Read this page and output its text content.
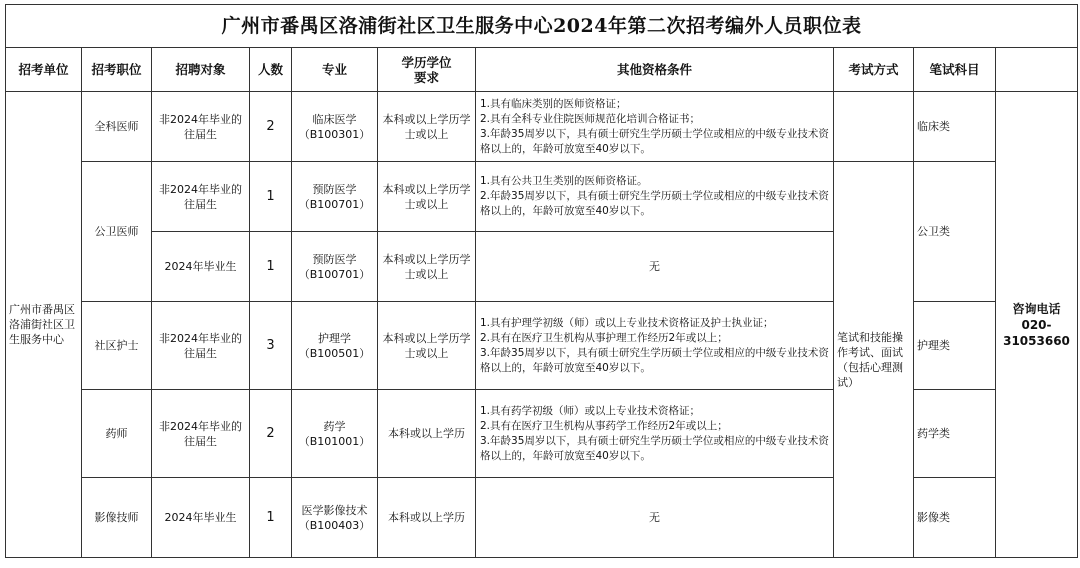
广州市番禺区洛浦街社区卫生服务中心2024年第二次招考编外人员职位表									
招考单位	招考职位	招聘对象	人数	专业	学历学位
要求	其他资格条件	考试方式	笔试科目	
广州市番禺区洛浦街社区卫生服务中心	全科医师	非2024年毕业的往届生	2	临床医学
（B100301）	本科或以上学历学士或以上	1.具有临床类别的医师资格证；
2.具有全科专业住院医师规范化培训合格证书；
3.年龄35周岁以下，具有硕士研究生学历硕士学位或相应的中级专业技术资格以上的，年龄可放宽至40岁以下。		临床类	咨询电话
020-
31053660

	公卫医师	非2024年毕业的往届生	1	预防医学
（B100701）	本科或以上学历学士或以上	1.具有公共卫生类别的医师资格证。
2.年龄35周岁以下，具有硕士研究生学历硕士学位或相应的中级专业技术资格以上的，年龄可放宽至40岁以下。	笔试和技能操作考试、面试（包括心理测试）	公卫类	
		2024年毕业生	1	预防医学
（B100701）	本科或以上学历学士或以上	无			
	社区护士	非2024年毕业的往届生	3	护理学
（B100501）	本科或以上学历学士或以上	1.具有护理学初级（师）或以上专业技术资格证及护士执业证；
2.具有在医疗卫生机构从事护理工作经历2年或以上；
3.年龄35周岁以下，具有硕士研究生学历硕士学位或相应的中级专业技术资格以上的，年龄可放宽至40岁以下。		护理类	
	药师	非2024年毕业的往届生	2	药学
（B101001）	本科或以上学历	1.具有药学初级（师）或以上专业技术资格证；
2.具有在医疗卫生机构从事药学工作经历2年或以上；
3.年龄35周岁以下，具有硕士研究生学历硕士学位或相应的中级专业技术资格以上的，年龄可放宽至40岁以下。		药学类	
	影像技师	2024年毕业生	1	医学影像技术
（B100403）	本科或以上学历	无		影像类	
